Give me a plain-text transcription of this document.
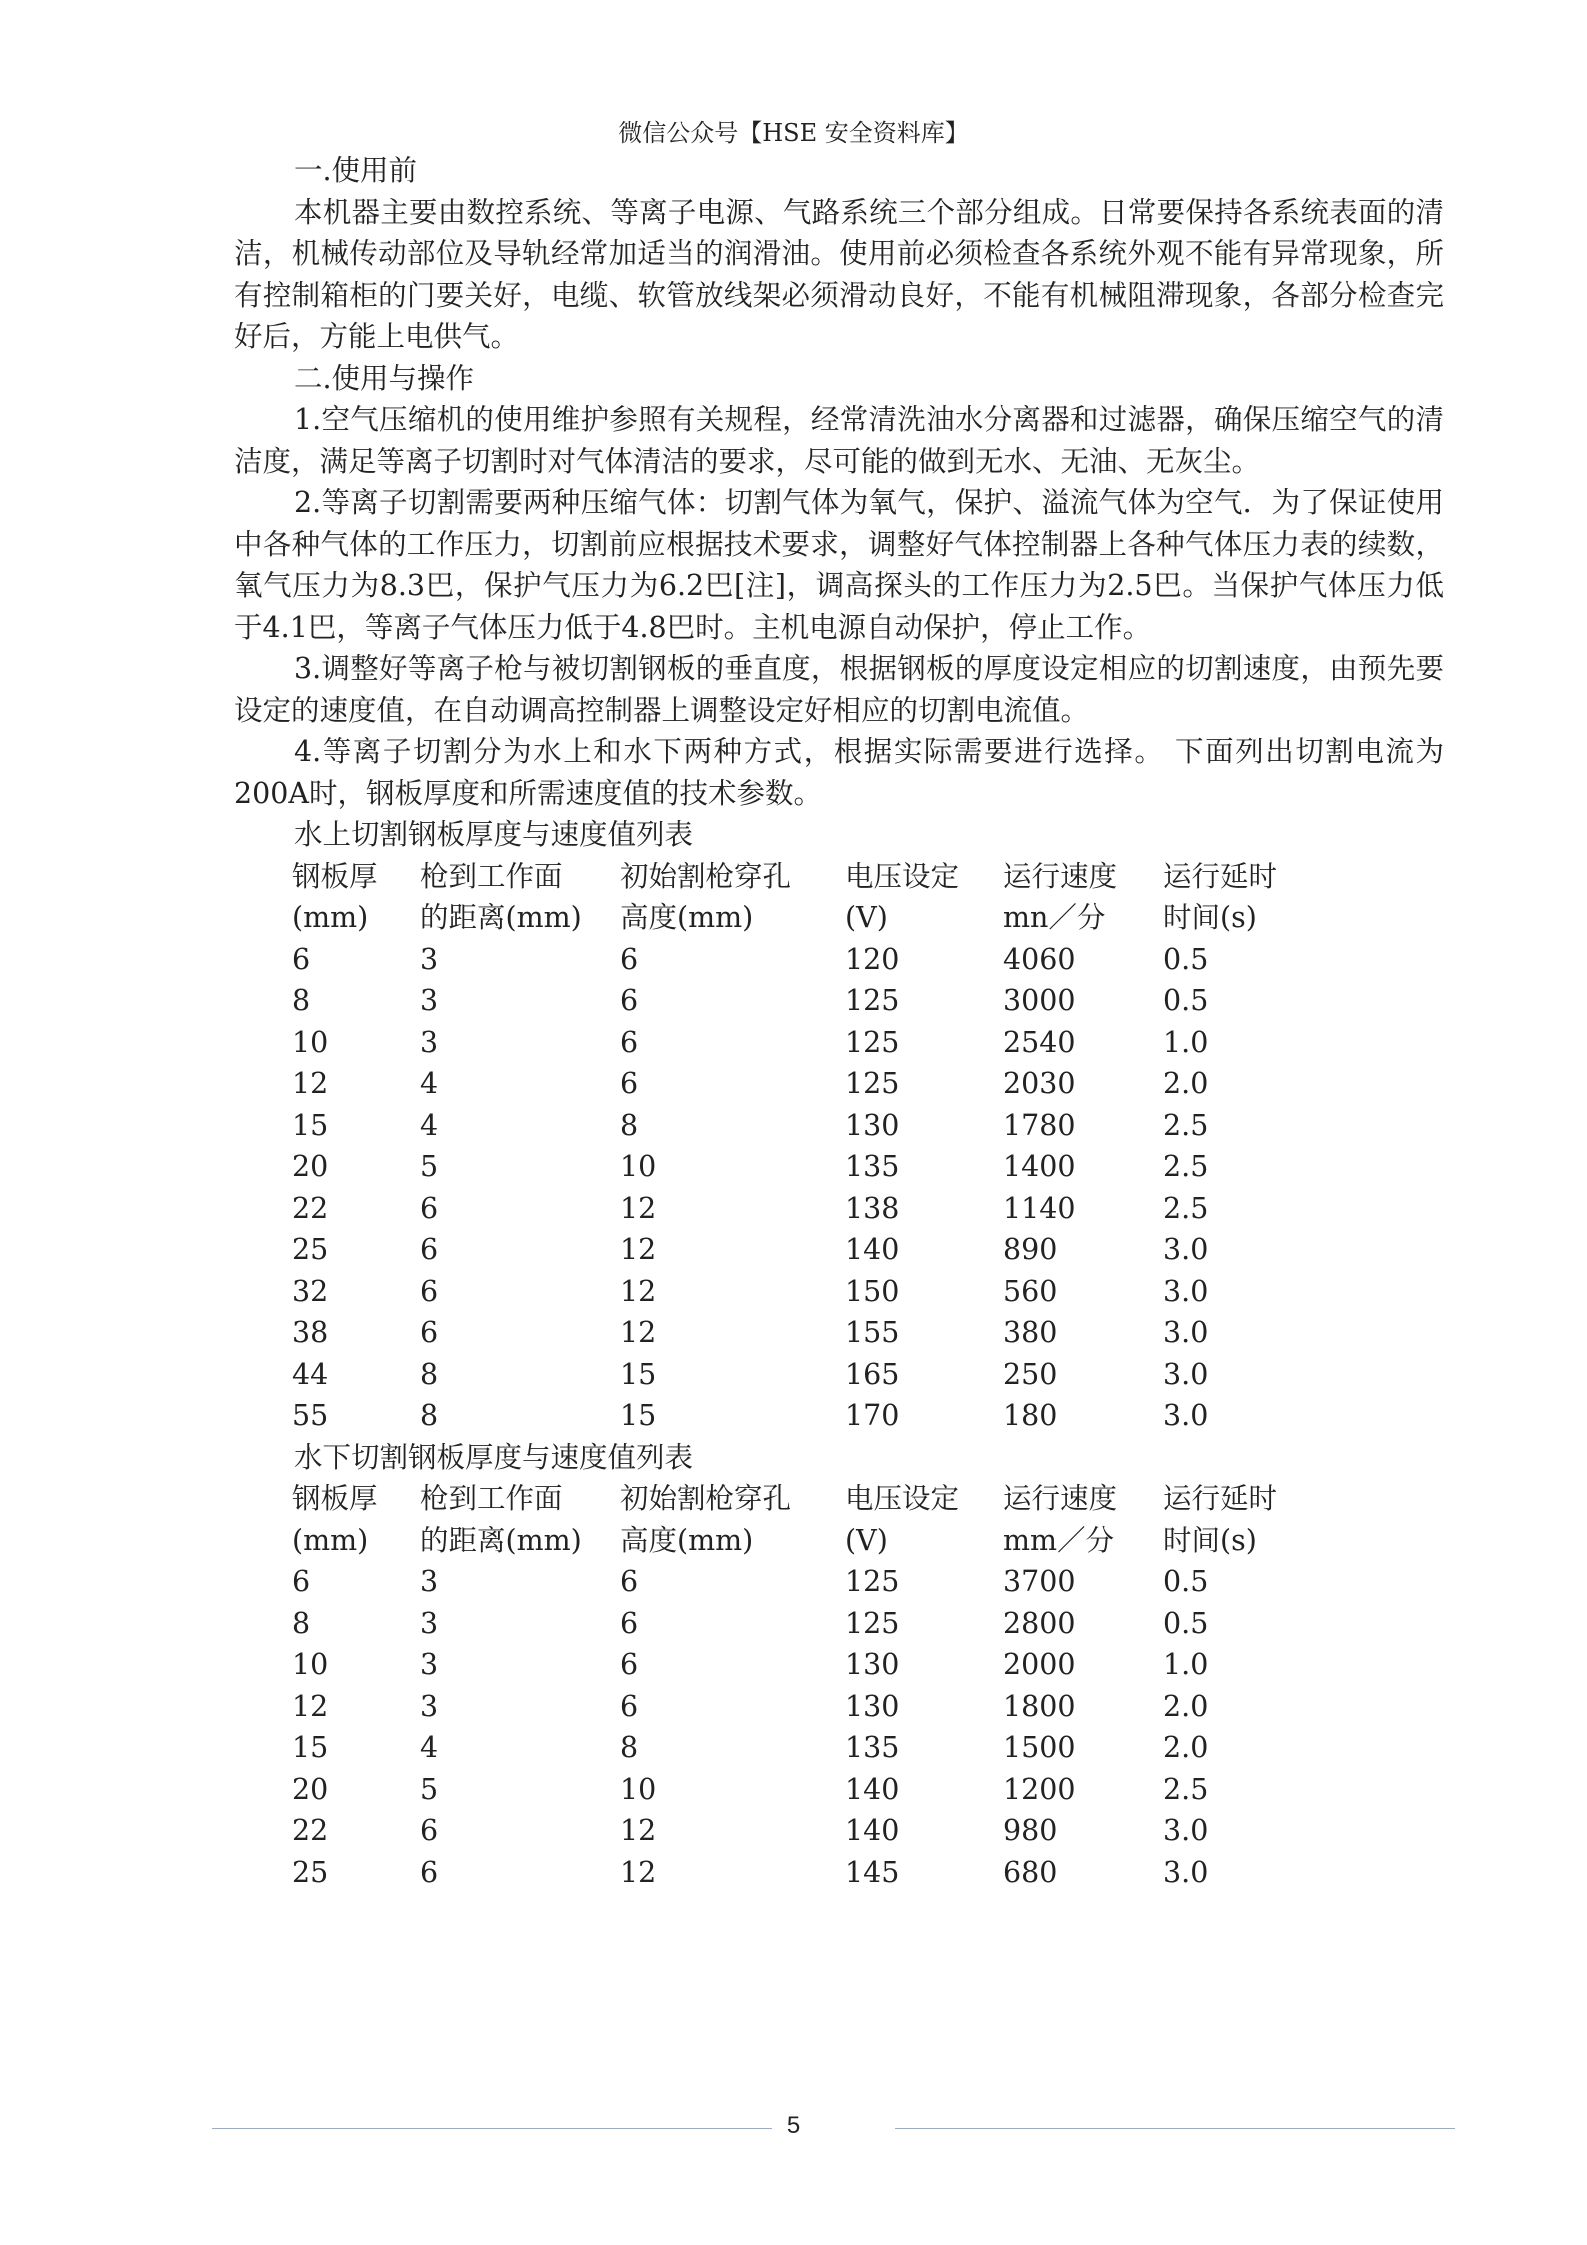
微信公众号【HSE 安全资料库】

一.使用前

本机器主要由数控系统、等离子电源、气路系统三个部分组成。日常要保持各系统表面的清洁，机械传动部位及导轨经常加适当的润滑油。使用前必须检查各系统外观不能有异常现象，所有控制箱柜的门要关好，电缆、软管放线架必须滑动良好，不能有机械阻滞现象，各部分检查完好后，方能上电供气。

二.使用与操作

1.空气压缩机的使用维护参照有关规程，经常清洗油水分离器和过滤器，确保压缩空气的清洁度，满足等离子切割时对气体清洁的要求，尽可能的做到无水、无油、无灰尘。

2.等离子切割需要两种压缩气体：切割气体为氧气，保护、溢流气体为空气．为了保证使用中各种气体的工作压力，切割前应根据技术要求，调整好气体控制器上各种气体压力表的续数，氧气压力为8.3巴，保护气压力为6.2巴[注]，调高探头的工作压力为2.5巴。当保护气体压力低于4.1巴，等离子气体压力低于4.8巴时。主机电源自动保护，停止工作。

3.调整好等离子枪与被切割钢板的垂直度，根据钢板的厚度设定相应的切割速度，由预先要设定的速度值，在自动调高控制器上调整设定好相应的切割电流值。

4.等离子切割分为水上和水下两种方式，根据实际需要进行选择。 下面列出切割电流为200A时，钢板厚度和所需速度值的技术参数。

水上切割钢板厚度与速度值列表

钢板厚	枪到工作面	初始割枪穿孔	电压设定	运行速度	运行延时
(mm)	的距离(mm)	高度(mm)	(V)	mn／分	时间(s)
6	3	6	120	4060	0.5
8	3	6	125	3000	0.5
10	3	6	125	2540	1.0
12	4	6	125	2030	2.0
15	4	8	130	1780	2.5
20	5	10	135	1400	2.5
22	6	12	138	1140	2.5
25	6	12	140	890	3.0
32	6	12	150	560	3.0
38	6	12	155	380	3.0
44	8	15	165	250	3.0
55	8	15	170	180	3.0

水下切割钢板厚度与速度值列表

钢板厚	枪到工作面	初始割枪穿孔	电压设定	运行速度	运行延时
(mm)	的距离(mm)	高度(mm)	(V)	mm／分	时间(s)
6	3	6	125	3700	0.5
8	3	6	125	2800	0.5
10	3	6	130	2000	1.0
12	3	6	130	1800	2.0
15	4	8	135	1500	2.0
20	5	10	140	1200	2.5
22	6	12	140	980	3.0
25	6	12	145	680	3.0
5
